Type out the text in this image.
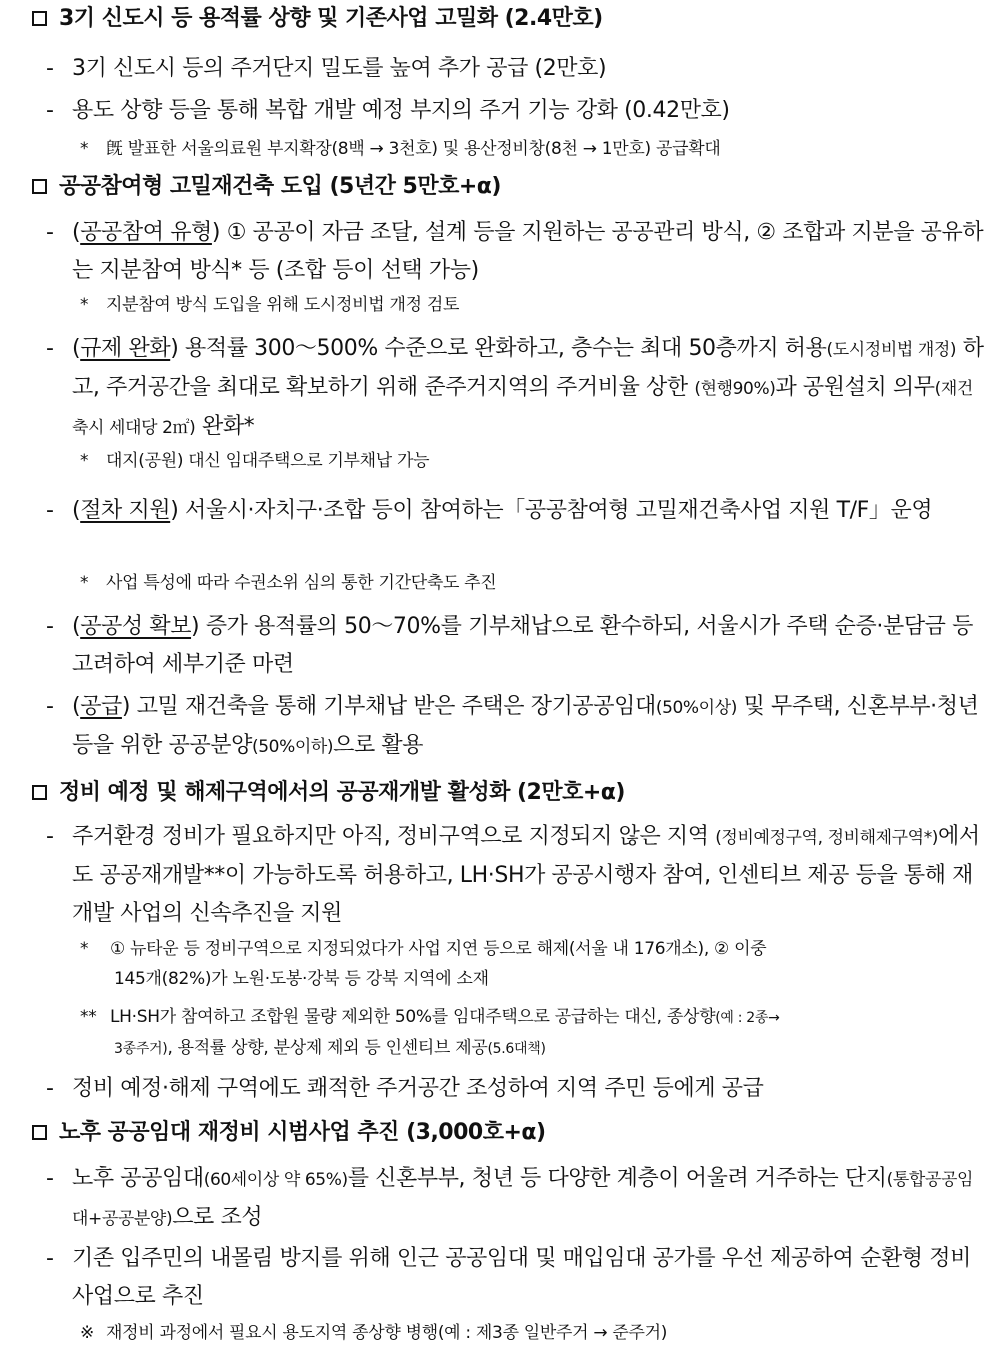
3기 신도시 등 용적률 상향 및 기존사업 고밀화 (2.4만호)
- 3기 신도시 등의 주거단지 밀도를 높여 추가 공급 (2만호)
- 용도 상향 등을 통해 복합 개발 예정 부지의 주거 기능 강화 (0.42만호)
* 旣 발표한 서울의료원 부지확장(8백 → 3천호) 및 용산정비창(8천 → 1만호) 공급확대
공공참여형 고밀재건축 도입 (5년간 5만호+α)
- (공공참여 유형) ① 공공이 자금 조달, 설계 등을 지원하는 공공관리 방식, ② 조합과 지분을 공유하는 지분참여 방식* 등 (조합 등이 선택 가능)
* 지분참여 방식 도입을 위해 도시정비법 개정 검토
- (규제 완화) 용적률 300～500% 수준으로 완화하고, 층수는 최대 50층까지 허용(도시정비법 개정) 하고, 주거공간을 최대로 확보하기 위해 준주거지역의 주거비율 상한 (현행90%)과 공원설치 의무(재건축시 세대당 2㎡) 완화*
* 대지(공원) 대신 임대주택으로 기부채납 가능
- (절차 지원) 서울시·자치구·조합 등이 참여하는「공공참여형 고밀재건축사업 지원 T/F」운영
* 사업 특성에 따라 수권소위 심의 통한 기간단축도 추진
- (공공성 확보) 증가 용적률의 50～70%를 기부채납으로 환수하되, 서울시가 주택 순증·분담금 등 고려하여 세부기준 마련
- (공급) 고밀 재건축을 통해 기부채납 받은 주택은 장기공공임대(50%이상) 및 무주택, 신혼부부·청년 등을 위한 공공분양(50%이하)으로 활용
정비 예정 및 해제구역에서의 공공재개발 활성화 (2만호+α)
- 주거환경 정비가 필요하지만 아직, 정비구역으로 지정되지 않은 지역 (정비예정구역, 정비해제구역*)에서도 공공재개발**이 가능하도록 허용하고, LH·SH가 공공시행자 참여, 인센티브 제공 등을 통해 재개발 사업의 신속추진을 지원
* ① 뉴타운 등 정비구역으로 지정되었다가 사업 지연 등으로 해제(서울 내 176개소), ② 이중
145개(82%)가 노원·도봉·강북 등 강북 지역에 소재
** LH·SH가 참여하고 조합원 물량 제외한 50%를 임대주택으로 공급하는 대신, 종상향(예 : 2종→
3종주거), 용적률 상향, 분상제 제외 등 인센티브 제공(5.6대책)
- 정비 예정·해제 구역에도 쾌적한 주거공간 조성하여 지역 주민 등에게 공급
노후 공공임대 재정비 시범사업 추진 (3,000호+α)
- 노후 공공임대(60세이상 약 65%)를 신혼부부, 청년 등 다양한 계층이 어울려 거주하는 단지(통합공공임대+공공분양)으로 조성
- 기존 입주민의 내몰림 방지를 위해 인근 공공임대 및 매입임대 공가를 우선 제공하여 순환형 정비사업으로 추진
※ 재정비 과정에서 필요시 용도지역 종상향 병행(예 : 제3종 일반주거 → 준주거)
